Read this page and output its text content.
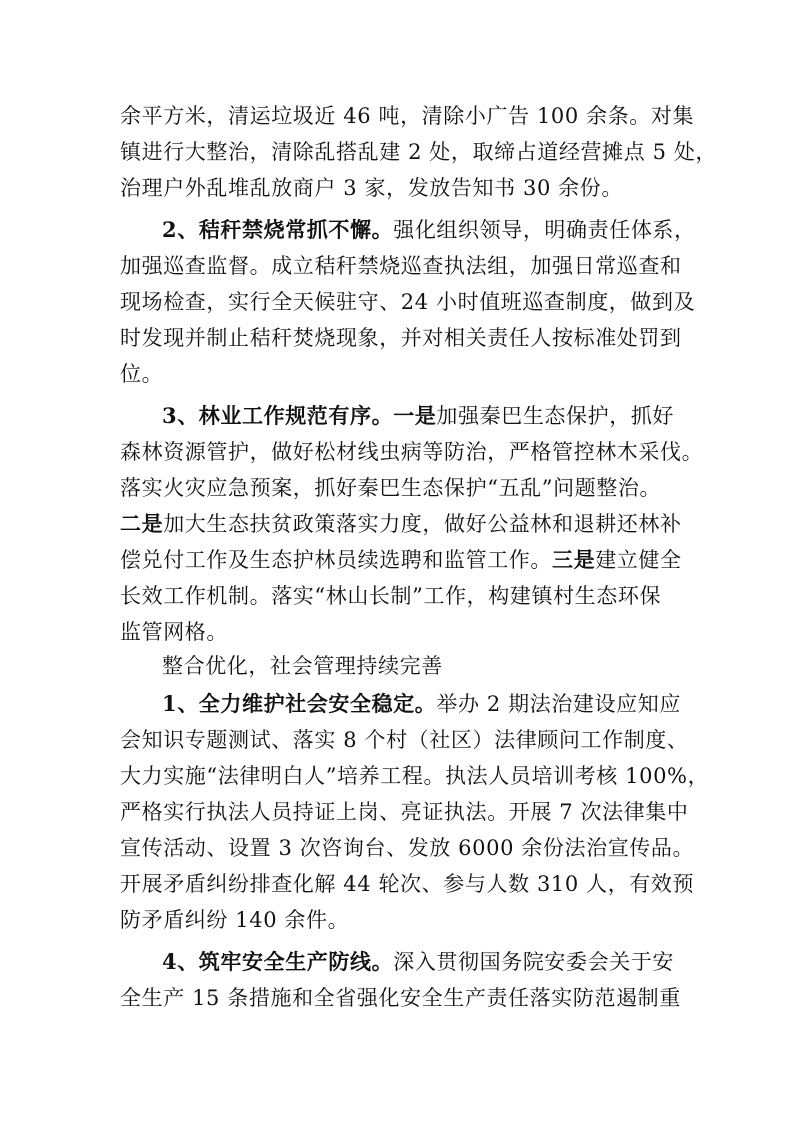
余平方米，清运垃圾近 46 吨，清除小广告 100 余条。对集
镇进行大整治，清除乱搭乱建 2 处，取缔占道经营摊点 5 处，
治理户外乱堆乱放商户 3 家，发放告知书 30 余份。
2、秸秆禁烧常抓不懈。强化组织领导，明确责任体系，
加强巡查监督。成立秸秆禁烧巡查执法组，加强日常巡查和
现场检查，实行全天候驻守、24 小时值班巡查制度，做到及
时发现并制止秸秆焚烧现象，并对相关责任人按标准处罚到
位。
3、林业工作规范有序。一是加强秦巴生态保护，抓好
森林资源管护，做好松材线虫病等防治，严格管控林木采伐。
落实火灾应急预案，抓好秦巴生态保护“五乱”问题整治。
二是加大生态扶贫政策落实力度，做好公益林和退耕还林补
偿兑付工作及生态护林员续选聘和监管工作。三是建立健全
长效工作机制。落实“林山长制”工作，构建镇村生态环保
监管网格。
整合优化，社会管理持续完善
1、全力维护社会安全稳定。举办 2 期法治建设应知应
会知识专题测试、落实 8 个村（社区）法律顾问工作制度、
大力实施“法律明白人”培养工程。执法人员培训考核 100%，
严格实行执法人员持证上岗、亮证执法。开展 7 次法律集中
宣传活动、设置 3 次咨询台、发放 6000 余份法治宣传品。
开展矛盾纠纷排查化解 44 轮次、参与人数 310 人，有效预
防矛盾纠纷 140 余件。
4、筑牢安全生产防线。深入贯彻国务院安委会关于安
全生产 15 条措施和全省强化安全生产责任落实防范遏制重
